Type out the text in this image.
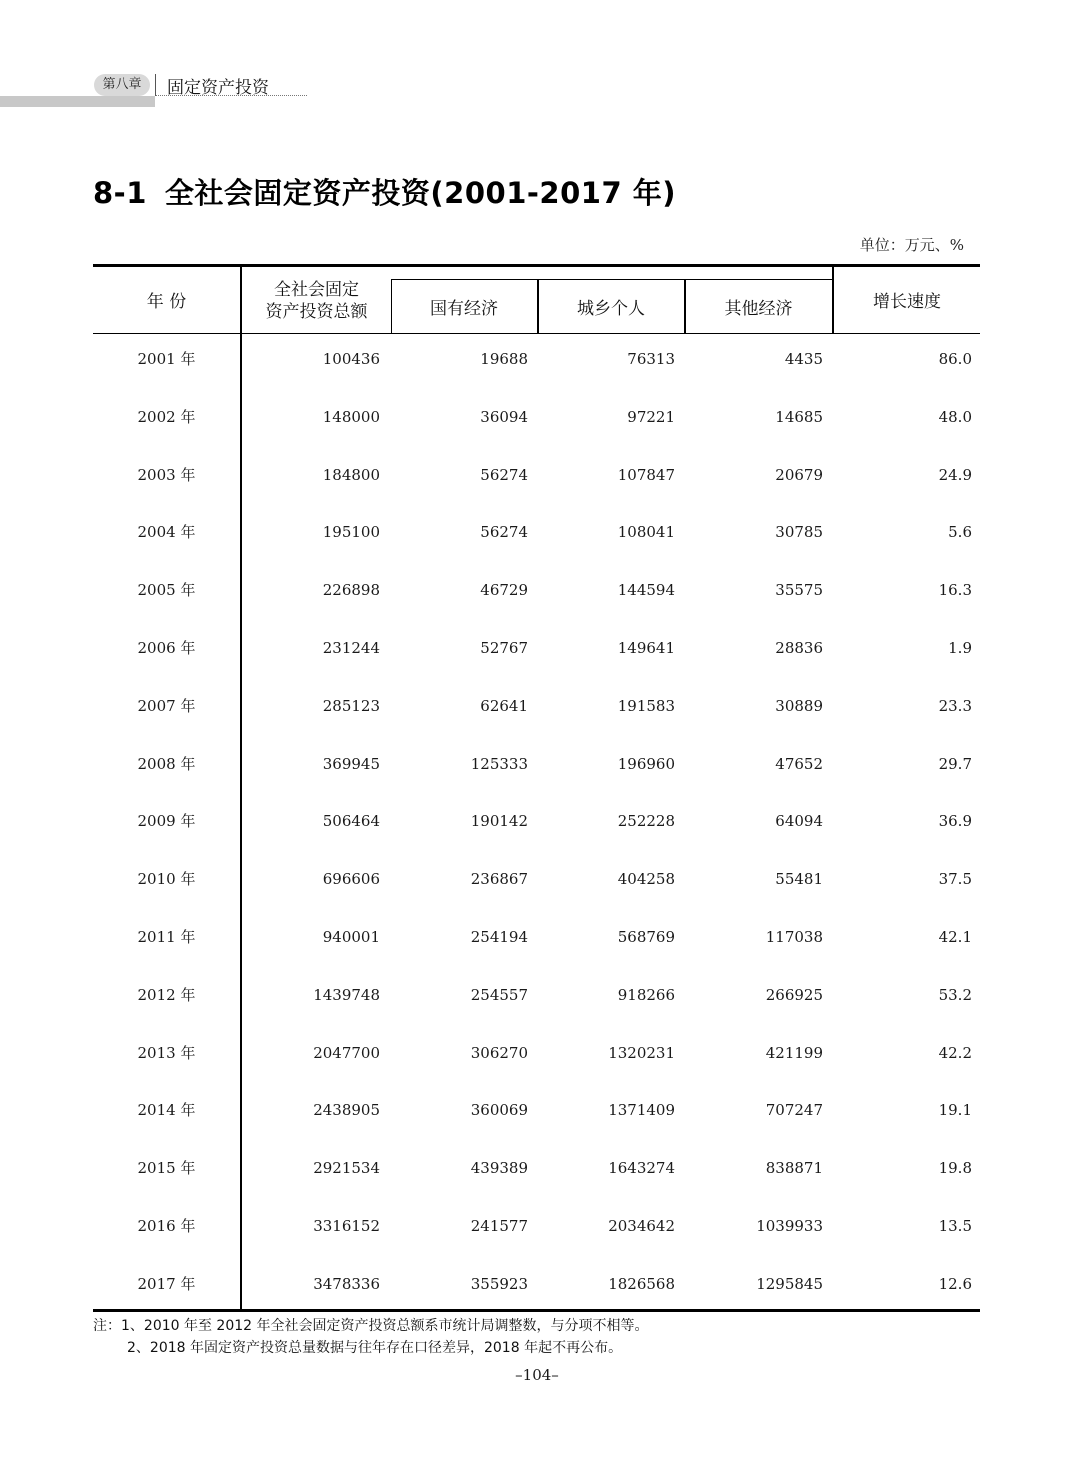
第八章	固定资产投资
8-1 全社会固定资产投资(2001-2017 年)
单位：万元、%
年 份
全社会固定
资产投资总额	国有经济	城乡个人	其他经济	增长速度
2001 年	100436	19688	76313	4435	86.0
2002 年	148000	36094	97221	14685	48.0
2003 年	184800	56274	107847	20679	24.9
2004 年	195100	56274	108041	30785	5.6
2005 年	226898	46729	144594	35575	16.3
2006 年	231244	52767	149641	28836	1.9
2007 年	285123	62641	191583	30889	23.3
2008 年	369945	125333	196960	47652	29.7
2009 年	506464	190142	252228	64094	36.9
2010 年	696606	236867	404258	55481	37.5
2011 年	940001	254194	568769	117038	42.1
2012 年	1439748	254557	918266	266925	53.2
2013 年	2047700	306270	1320231	421199	42.2
2014 年	2438905	360069	1371409	707247	19.1
2015 年	2921534	439389	1643274	838871	19.8
2016 年	3316152	241577	2034642	1039933	13.5
2017 年	3478336	355923	1826568	1295845	12.6
注：1、2010 年至 2012 年全社会固定资产投资总额系市统计局调整数，与分项不相等。
2、2018 年固定资产投资总量数据与往年存在口径差异，2018 年起不再公布。
–104–
